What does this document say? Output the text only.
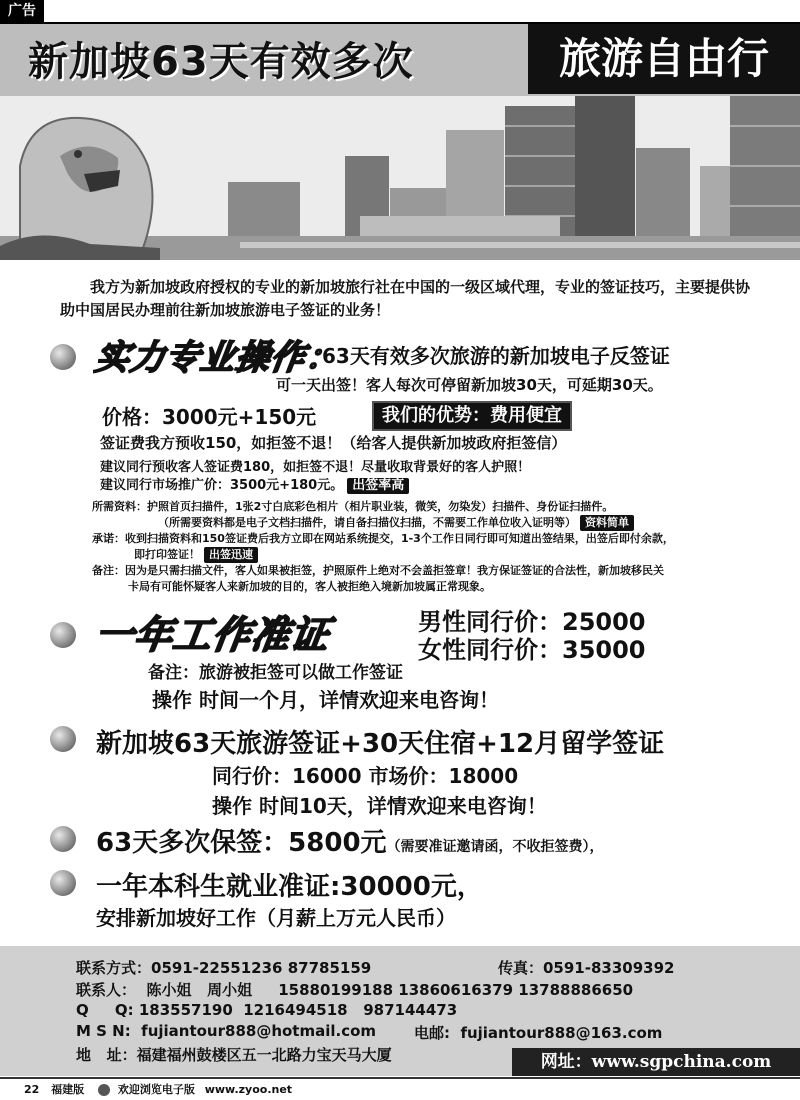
广告
新加坡63天有效多次	旅游自由行
我方为新加坡政府授权的专业的新加坡旅行社在中国的一级区域代理，专业的签证技巧，主要提供协助中国居民办理前往新加坡旅游电子签证的业务！
实力专业操作：
63天有效多次旅游的新加坡电子反签证
可一天出签！客人每次可停留新加坡30天，可延期30天。
价格：3000元+150元	我们的优势：费用便宜
签证费我方预收150，如拒签不退！（给客人提供新加坡政府拒签信）
建议同行预收客人签证费180，如拒签不退！尽量收取背景好的客人护照！
建议同行市场推广价：3500元+180元。 出签率高
所需资料：护照首页扫描件，1张2寸白底彩色相片（相片职业装，微笑，勿染发）扫描件、身份证扫描件。
（所需要资料都是电子文档扫描件，请自备扫描仪扫描，不需要工作单位收入证明等） 资料简单
承诺：收到扫描资料和150签证费后我方立即在网站系统提交，1-3个工作日同行即可知道出签结果，出签后即付余款，
即打印签证！ 出签迅速
备注：因为是只需扫描文件，客人如果被拒签，护照原件上绝对不会盖拒签章！我方保证签证的合法性，新加坡移民关
卡局有可能怀疑客人来新加坡的目的，客人被拒绝入境新加坡属正常现象。
一年工作准证	男性同行价：25000
女性同行价：35000
备注：旅游被拒签可以做工作签证
操作 时间一个月，详情欢迎来电咨询！
新加坡63天旅游签证+30天住宿+12月留学签证
同行价：16000 市场价：18000
操作 时间10天，详情欢迎来电咨询！
63天多次保签：5800元（需要准证邀请函，不收拒签费），
一年本科生就业准证:30000元，
安排新加坡好工作（月薪上万元人民币）
联系方式：0591-22551236 87785159	传真：0591-83309392
联系人：  陈小姐   周小姐     15880199188 13860616379 13788886650
Q     Q: 183557190  1216494518   987144473
M S N:  fujiantour888@hotmail.com	电邮:  fujiantour888@163.com
地   址：福建福州鼓楼区五一北路力宝天马大厦	网址：www.sgpchina.com
22 福建版	欢迎浏览电子版 www.zyoo.net
